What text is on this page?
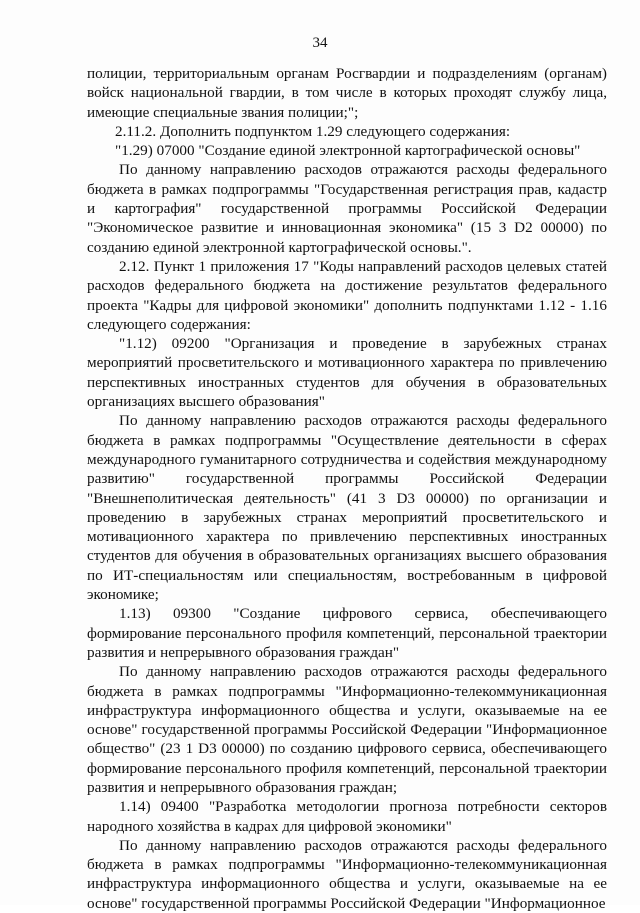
34

полиции, территориальным органам Росгвардии и подразделениям (органам) войск национальной гвардии, в том числе в которых проходят службу лица, имеющие специальные звания полиции;";

2.11.2. Дополнить подпунктом 1.29 следующего содержания:

"1.29) 07000 "Создание единой электронной картографической основы"

По данному направлению расходов отражаются расходы федерального бюджета в рамках подпрограммы "Государственная регистрация прав, кадастр и картография" государственной программы Российской Федерации "Экономическое развитие и инновационная экономика" (15 3 D2 00000) по созданию единой электронной картографической основы.".

2.12. Пункт 1 приложения 17 "Коды направлений расходов целевых статей расходов федерального бюджета на достижение результатов федерального проекта "Кадры для цифровой экономики" дополнить подпунктами 1.12 - 1.16 следующего содержания:

"1.12) 09200 "Организация и проведение в зарубежных странах мероприятий просветительского и мотивационного характера по привлечению перспективных иностранных студентов для обучения в образовательных организациях высшего образования"

По данному направлению расходов отражаются расходы федерального бюджета в рамках подпрограммы "Осуществление деятельности в сферах международного гуманитарного сотрудничества и содействия международному развитию" государственной программы Российской Федерации "Внешнеполитическая деятельность" (41 3 D3 00000) по организации и проведению в зарубежных странах мероприятий просветительского и мотивационного характера по привлечению перспективных иностранных студентов для обучения в образовательных организациях высшего образования по ИТ-специальностям или специальностям, востребованным в цифровой экономике;

1.13) 09300 "Создание цифрового сервиса, обеспечивающего формирование персонального профиля компетенций, персональной траектории развития и непрерывного образования граждан"

По данному направлению расходов отражаются расходы федерального бюджета в рамках подпрограммы "Информационно-телекоммуникационная инфраструктура информационного общества и услуги, оказываемые на ее основе" государственной программы Российской Федерации "Информационное общество" (23 1 D3 00000) по созданию цифрового сервиса, обеспечивающего формирование персонального профиля компетенций, персональной траектории развития и непрерывного образования граждан;

1.14) 09400 "Разработка методологии прогноза потребности секторов народного хозяйства в кадрах для цифровой экономики"

По данному направлению расходов отражаются расходы федерального бюджета в рамках подпрограммы "Информационно-телекоммуникационная инфраструктура информационного общества и услуги, оказываемые на ее основе" государственной программы Российской Федерации "Информационное
